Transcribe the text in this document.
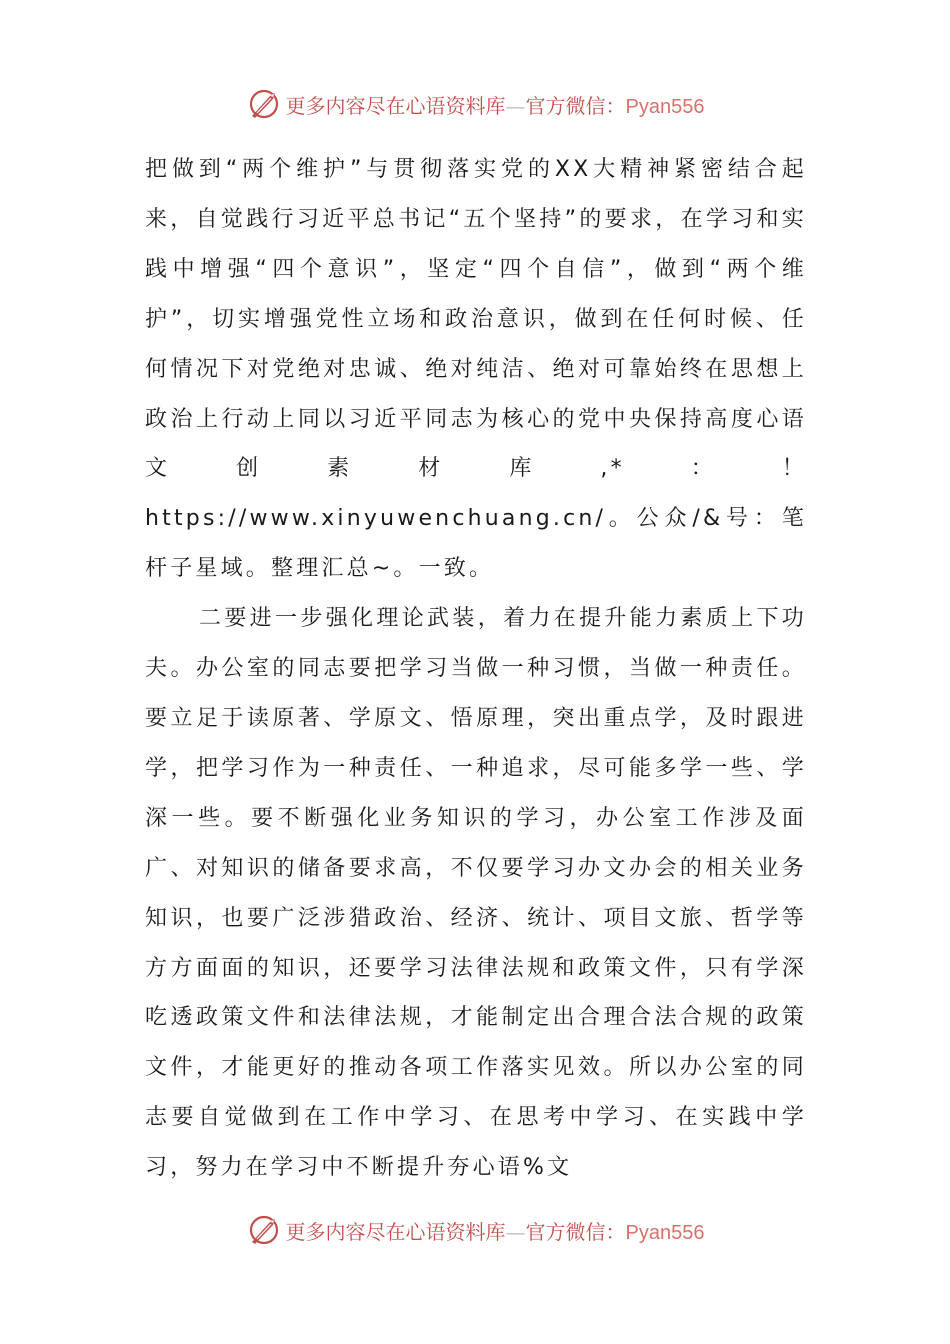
更多内容尽在心语资料库—官方微信：Pyan556

把做到“两个维护”与贯彻落实党的XX大精神紧密结合起来，自觉践行习近平总书记“五个坚持”的要求，在学习和实践中增强“四个意识”，坚定“四个自信”，做到“两个维护”，切实增强党性立场和政治意识，做到在任何时候、任何情况下对党绝对忠诚、绝对纯洁、绝对可靠始终在思想上政治上行动上同以习近平同志为核心的党中央保持高度心语文创素材库,*：！https://www.xinyuwenchuang.cn/。公众/&号：笔杆子星域。整理汇总~。一致。

二要进一步强化理论武装，着力在提升能力素质上下功夫。办公室的同志要把学习当做一种习惯，当做一种责任。要立足于读原著、学原文、悟原理，突出重点学，及时跟进学，把学习作为一种责任、一种追求，尽可能多学一些、学深一些。要不断强化业务知识的学习，办公室工作涉及面广、对知识的储备要求高，不仅要学习办文办会的相关业务知识，也要广泛涉猎政治、经济、统计、项目文旅、哲学等方方面面的知识，还要学习法律法规和政策文件，只有学深吃透政策文件和法律法规，才能制定出合理合法合规的政策文件，才能更好的推动各项工作落实见效。所以办公室的同志要自觉做到在工作中学习、在思考中学习、在实践中学习，努力在学习中不断提升夯心语%文

更多内容尽在心语资料库—官方微信：Pyan556
